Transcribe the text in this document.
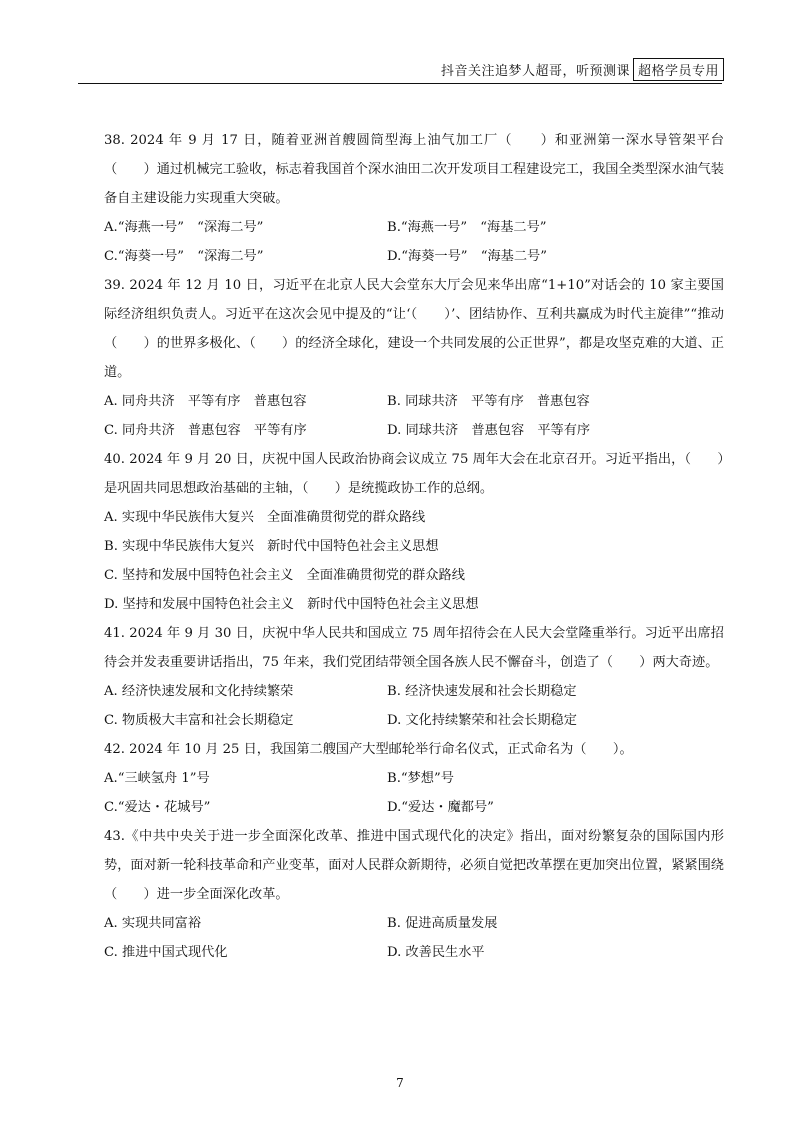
抖音关注追梦人超哥，听预测课 超格学员专用

38. 2024 年 9 月 17 日，随着亚洲首艘圆筒型海上油气加工厂（　　）和亚洲第一深水导管架平台（　　）通过机械完工验收，标志着我国首个深水油田二次开发项目工程建设完工，我国全类型深水油气装备自主建设能力实现重大突破。

A.“海燕一号”　“深海二号”	B.“海燕一号”　“海基二号”
C.“海葵一号”　“深海二号”	D.“海葵一号”　“海基二号”

39. 2024 年 12 月 10 日，习近平在北京人民大会堂东大厅会见来华出席“1+10”对话会的 10 家主要国际经济组织负责人。习近平在这次会见中提及的“让‘（　　）’、团结协作、互利共赢成为时代主旋律”“推动（　　）的世界多极化、（　　）的经济全球化，建设一个共同发展的公正世界”，都是攻坚克难的大道、正道。

A. 同舟共济　平等有序　普惠包容	B. 同球共济　平等有序　普惠包容
C. 同舟共济　普惠包容　平等有序	D. 同球共济　普惠包容　平等有序

40. 2024 年 9 月 20 日，庆祝中国人民政治协商会议成立 75 周年大会在北京召开。习近平指出，（　　）是巩固共同思想政治基础的主轴，（　　）是统揽政协工作的总纲。

A. 实现中华民族伟大复兴　全面准确贯彻党的群众路线
B. 实现中华民族伟大复兴　新时代中国特色社会主义思想
C. 坚持和发展中国特色社会主义　全面准确贯彻党的群众路线
D. 坚持和发展中国特色社会主义　新时代中国特色社会主义思想

41. 2024 年 9 月 30 日，庆祝中华人民共和国成立 75 周年招待会在人民大会堂隆重举行。习近平出席招待会并发表重要讲话指出，75 年来，我们党团结带领全国各族人民不懈奋斗，创造了（　　）两大奇迹。

A. 经济快速发展和文化持续繁荣	B. 经济快速发展和社会长期稳定
C. 物质极大丰富和社会长期稳定	D. 文化持续繁荣和社会长期稳定

42. 2024 年 10 月 25 日，我国第二艘国产大型邮轮举行命名仪式，正式命名为（　　）。

A.“三峡氢舟 1”号	B.“梦想”号
C.“爱达・花城号”	D.“爱达・魔都号”

43.《中共中央关于进一步全面深化改革、推进中国式现代化的决定》指出，面对纷繁复杂的国际国内形势，面对新一轮科技革命和产业变革，面对人民群众新期待，必须自觉把改革摆在更加突出位置，紧紧围绕（　　）进一步全面深化改革。

A. 实现共同富裕	B. 促进高质量发展
C. 推进中国式现代化	D. 改善民生水平
7
